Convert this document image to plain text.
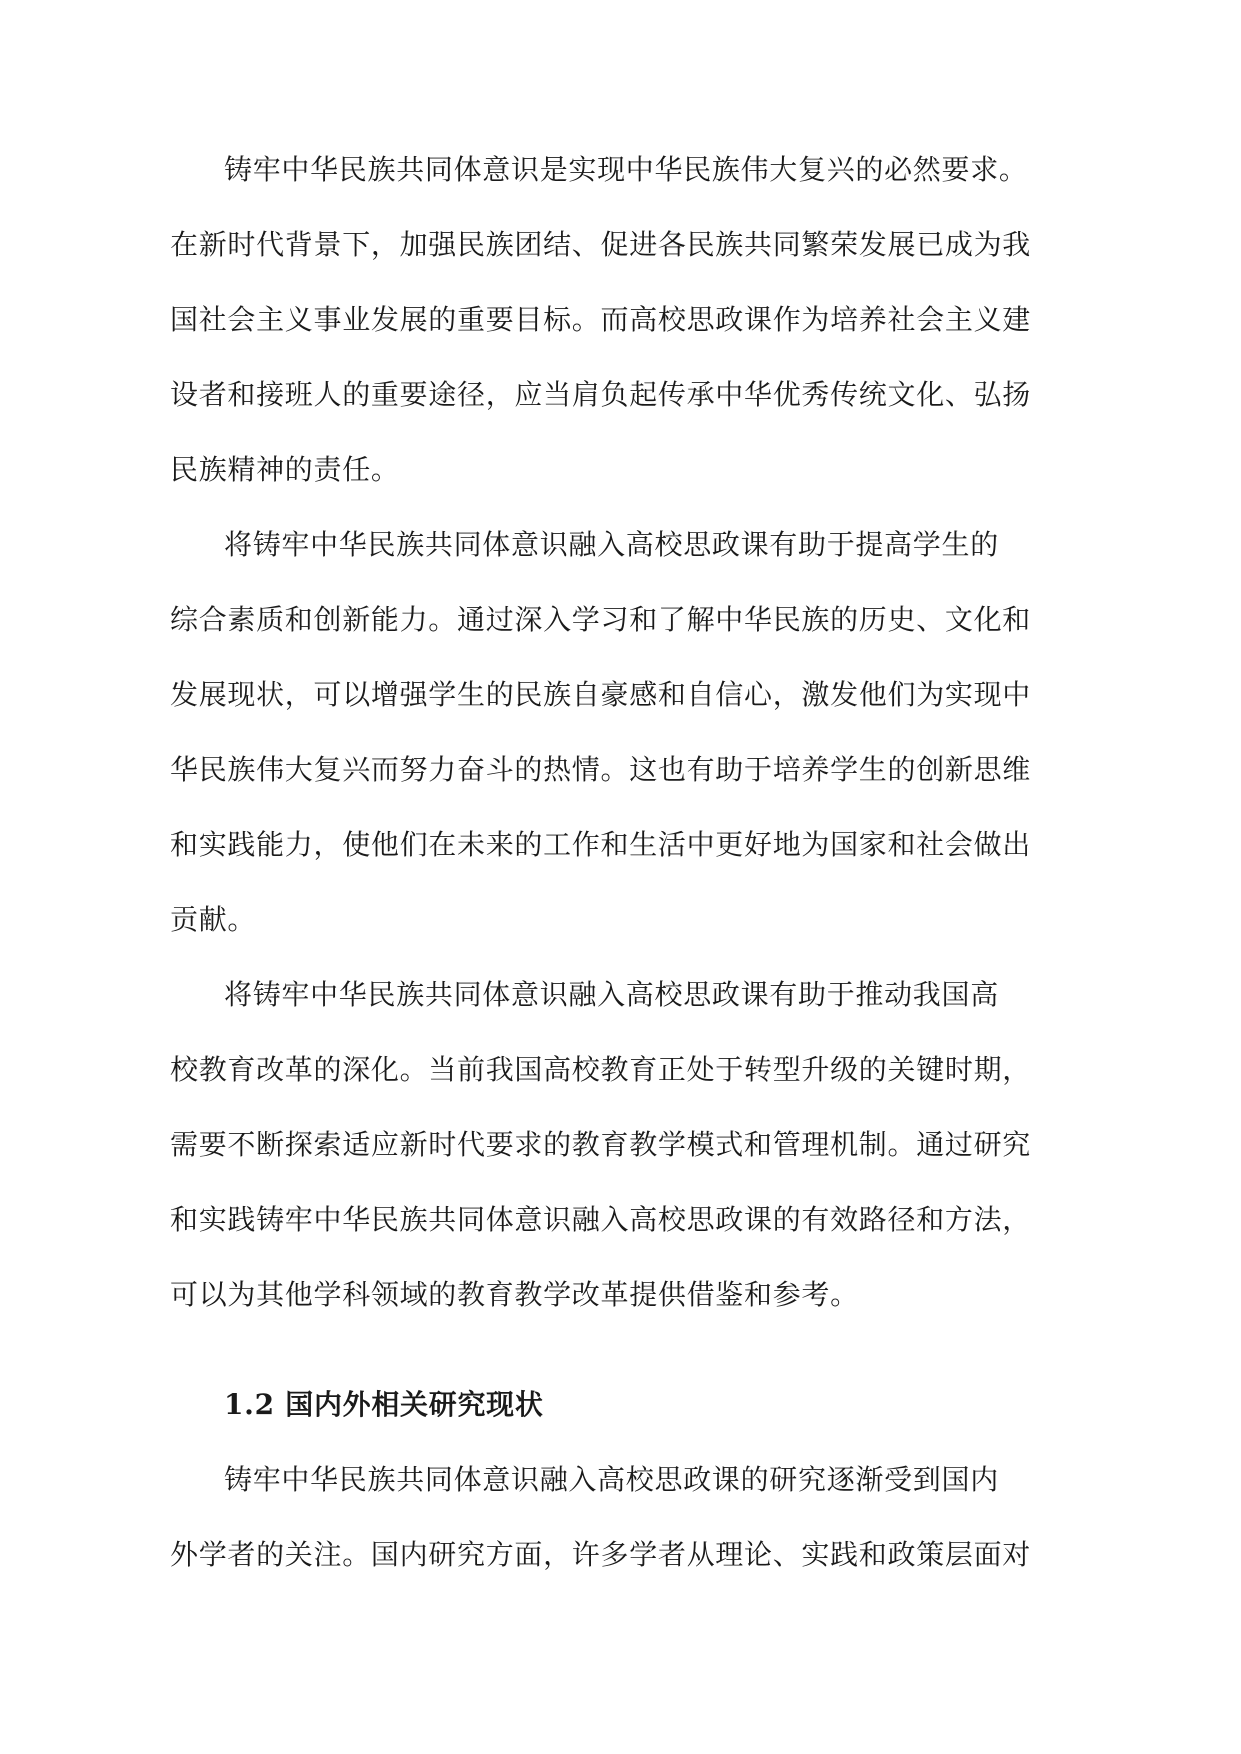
铸牢中华民族共同体意识是实现中华民族伟大复兴的必然要求。
在新时代背景下，加强民族团结、促进各民族共同繁荣发展已成为我
国社会主义事业发展的重要目标。而高校思政课作为培养社会主义建
设者和接班人的重要途径，应当肩负起传承中华优秀传统文化、弘扬
民族精神的责任。
将铸牢中华民族共同体意识融入高校思政课有助于提高学生的
综合素质和创新能力。通过深入学习和了解中华民族的历史、文化和
发展现状，可以增强学生的民族自豪感和自信心，激发他们为实现中
华民族伟大复兴而努力奋斗的热情。这也有助于培养学生的创新思维
和实践能力，使他们在未来的工作和生活中更好地为国家和社会做出
贡献。
将铸牢中华民族共同体意识融入高校思政课有助于推动我国高
校教育改革的深化。当前我国高校教育正处于转型升级的关键时期，
需要不断探索适应新时代要求的教育教学模式和管理机制。通过研究
和实践铸牢中华民族共同体意识融入高校思政课的有效路径和方法，
可以为其他学科领域的教育教学改革提供借鉴和参考。
1.2 国内外相关研究现状
铸牢中华民族共同体意识融入高校思政课的研究逐渐受到国内
外学者的关注。国内研究方面，许多学者从理论、实践和政策层面对
